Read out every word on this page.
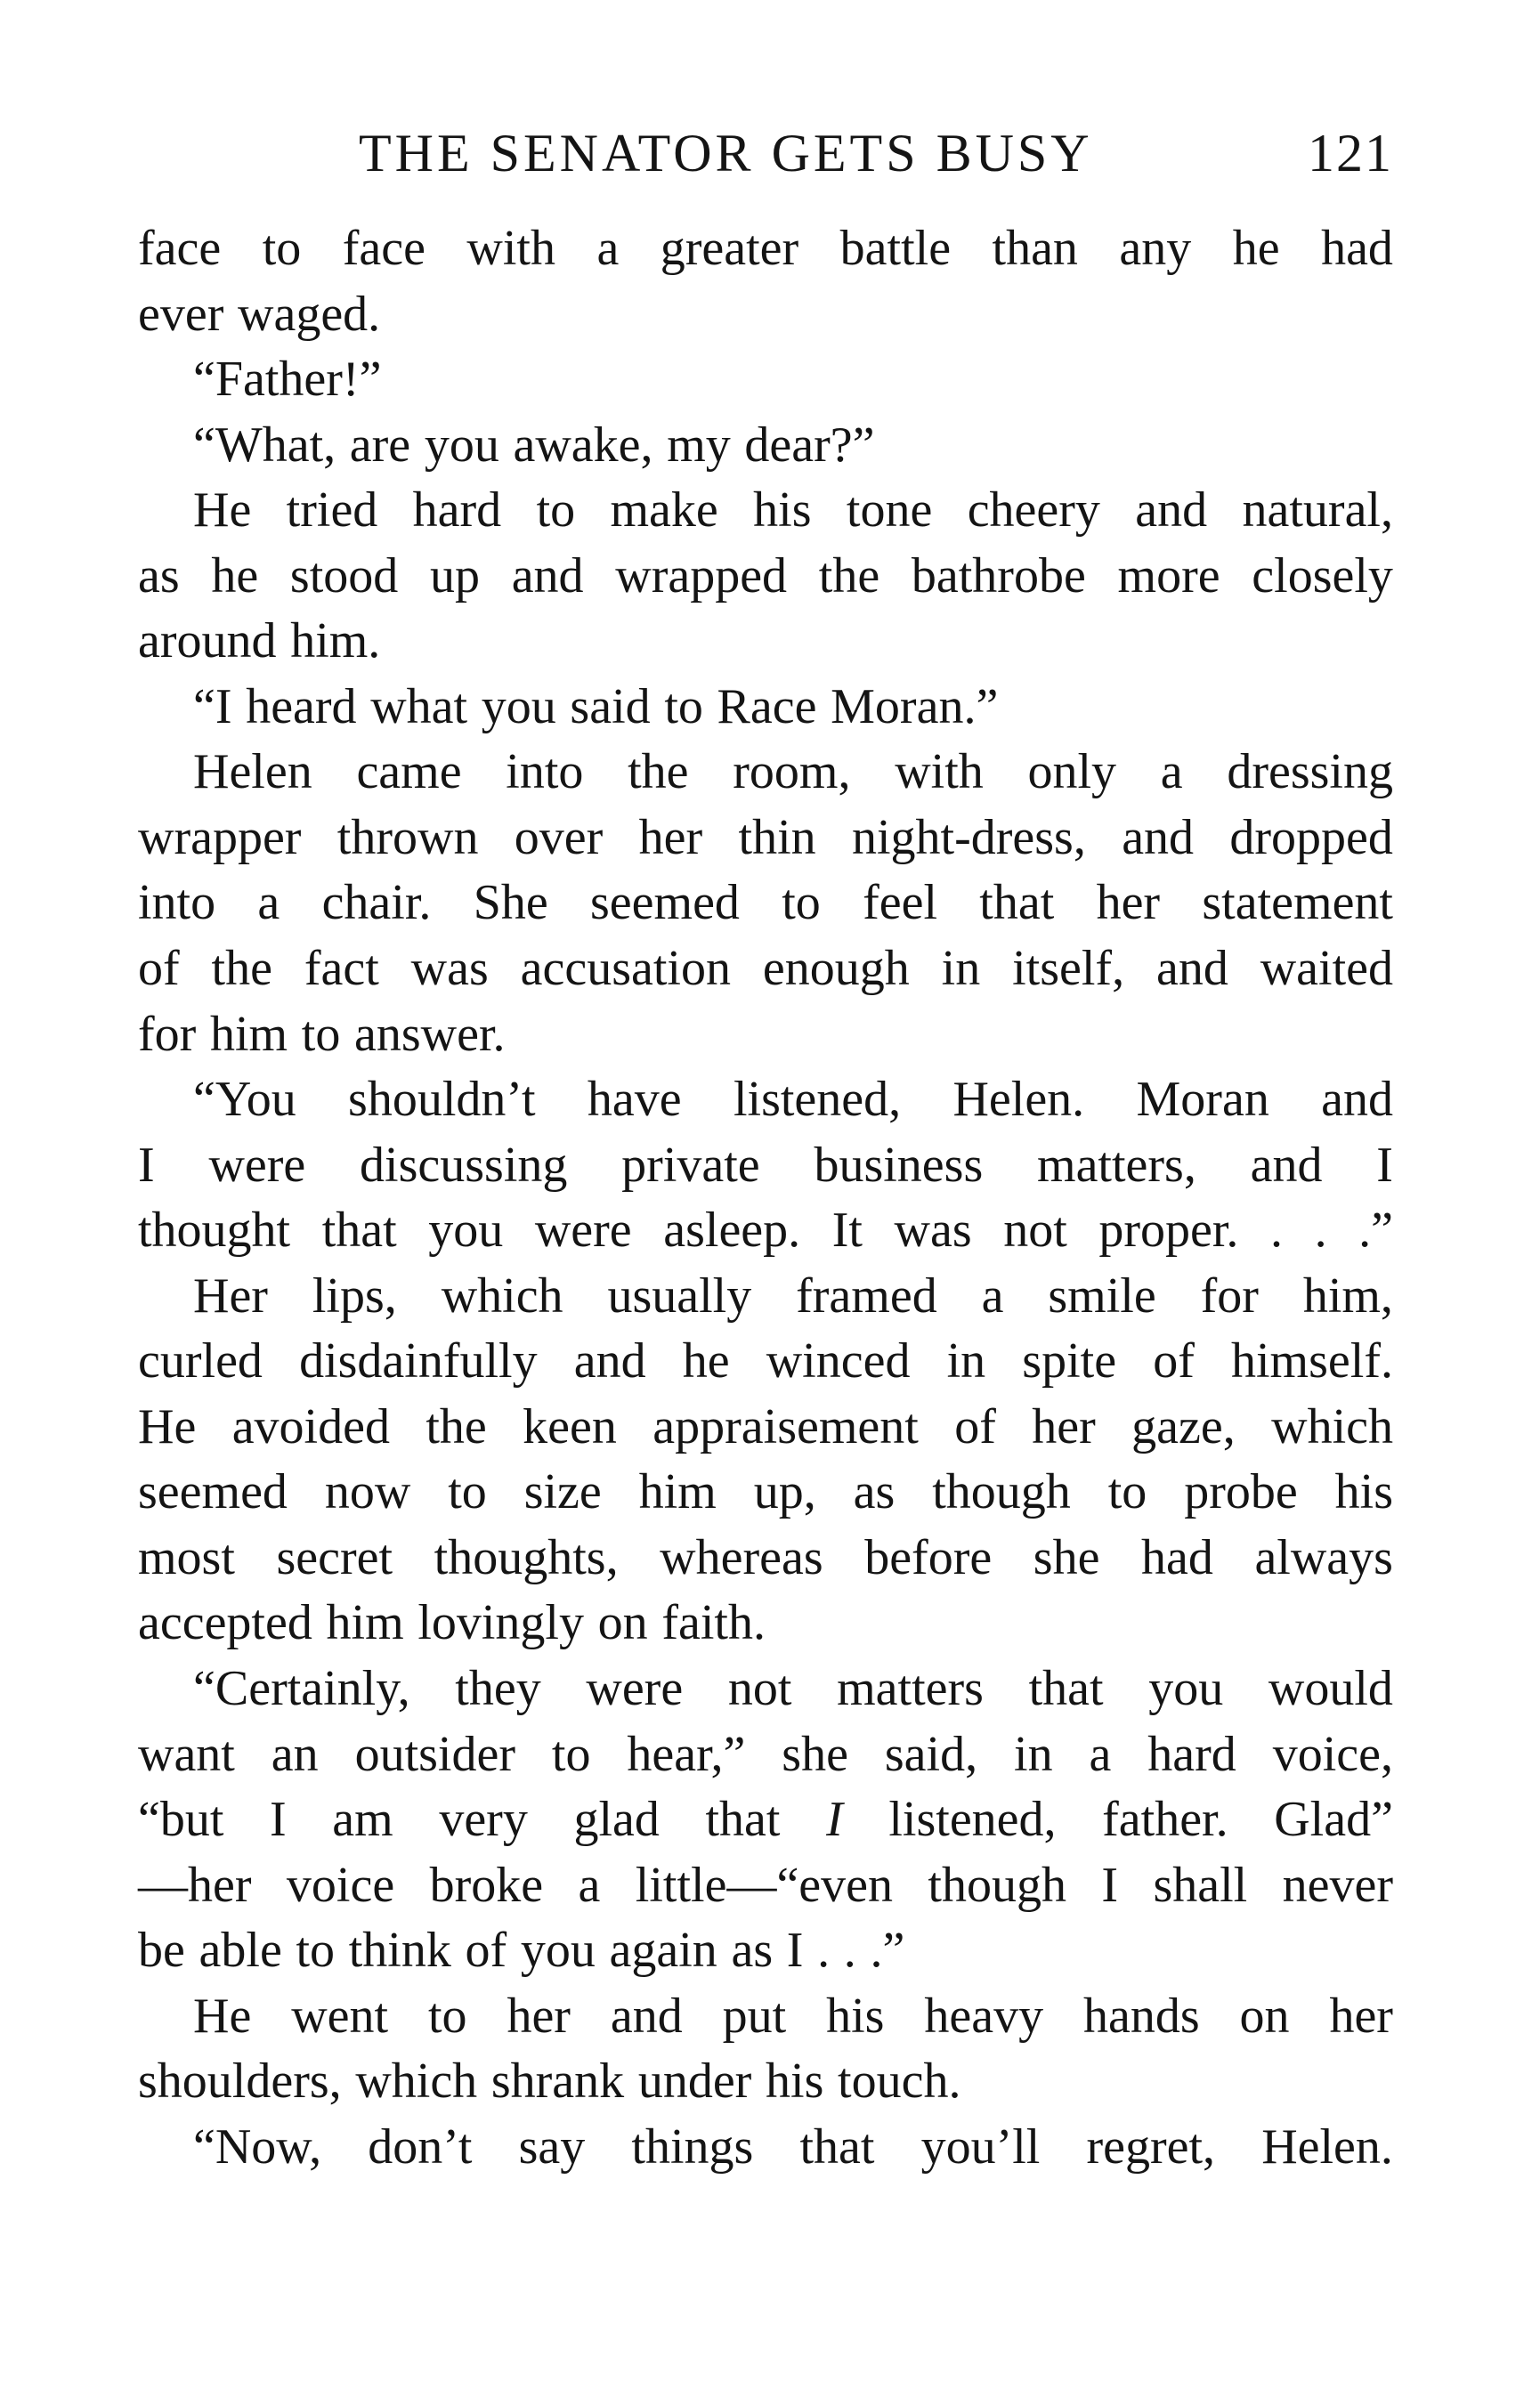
THE SENATOR GETS BUSY	121
face to face with a greater battle than any he had
ever waged.
“Father!”
“What, are you awake, my dear?”
He tried hard to make his tone cheery and natural,
as he stood up and wrapped the bathrobe more closely
around him.
“I heard what you said to Race Moran.”
Helen came into the room, with only a dressing
wrapper thrown over her thin night-dress, and dropped
into a chair. She seemed to feel that her statement
of the fact was accusation enough in itself, and waited
for him to answer.
“You shouldn’t have listened, Helen. Moran and
I were discussing private business matters, and I
thought that you were asleep. It was not proper. . . .”
Her lips, which usually framed a smile for him,
curled disdainfully and he winced in spite of himself.
He avoided the keen appraisement of her gaze, which
seemed now to size him up, as though to probe his
most secret thoughts, whereas before she had always
accepted him lovingly on faith.
“Certainly, they were not matters that you would
want an outsider to hear,” she said, in a hard voice,
“but I am very glad that I listened, father. Glad”
—her voice broke a little—“even though I shall never
be able to think of you again as I . . .”
He went to her and put his heavy hands on her
shoulders, which shrank under his touch.
“Now, don’t say things that you’ll regret, Helen.
